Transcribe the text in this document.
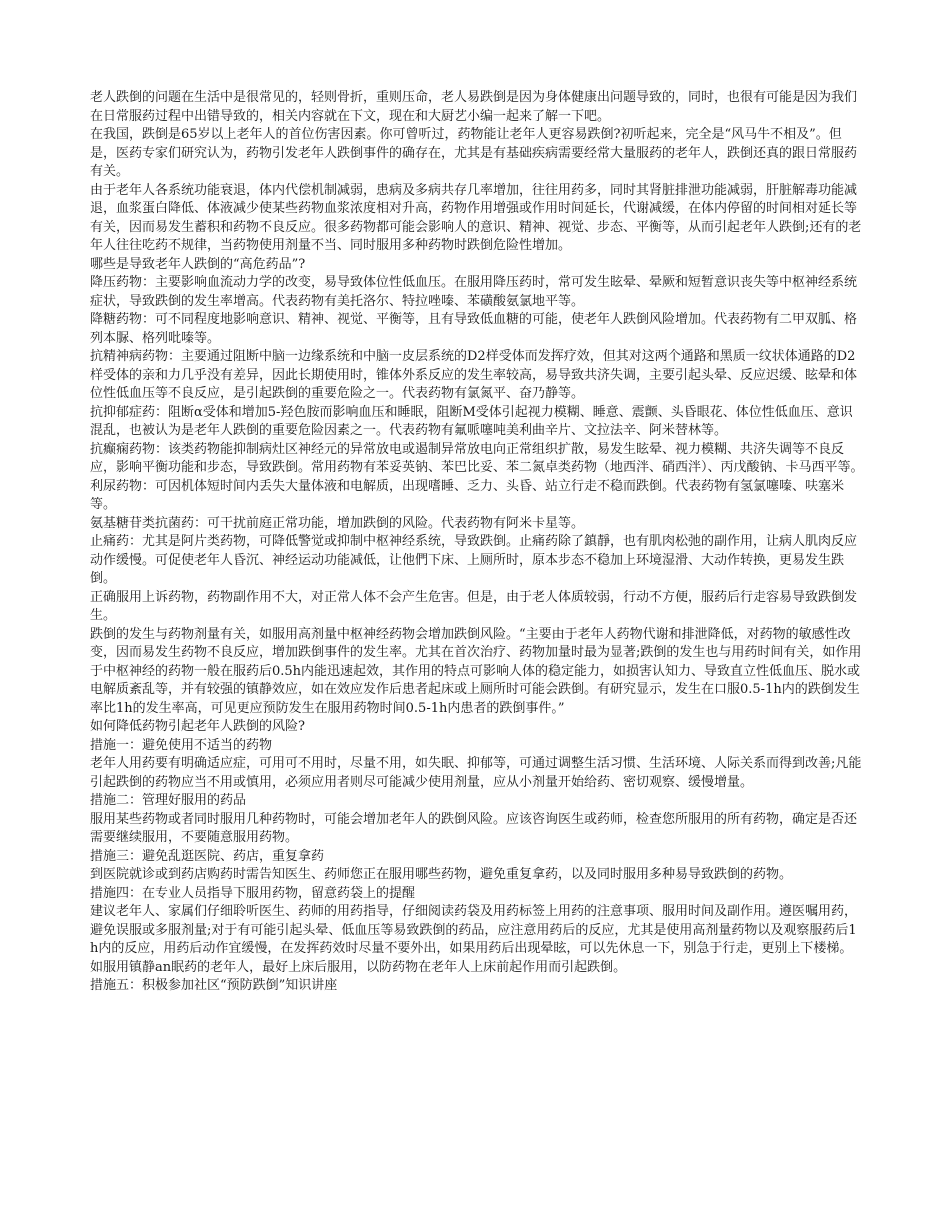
老人跌倒的问题在生活中是很常见的，轻则骨折，重则压命，老人易跌倒是因为身体健康出问题导致的，同时，也很有可能是因为我们在日常服药过程中出错导致的，相关内容就在下文，现在和大厨艺小编一起来了解一下吧。

在我国，跌倒是65岁以上老年人的首位伤害因素。你可曾听过，药物能让老年人更容易跌倒?初听起来，完全是“风马牛不相及”。但是，医药专家们研究认为，药物引发老年人跌倒事件的确存在，尤其是有基础疾病需要经常大量服药的老年人，跌倒还真的跟日常服药有关。

由于老年人各系统功能衰退，体内代偿机制减弱，患病及多病共存几率增加，往往用药多，同时其肾脏排泄功能减弱，肝脏解毒功能减退，血浆蛋白降低、体液减少使某些药物血浆浓度相对升高，药物作用增强或作用时间延长，代谢减缓，在体内停留的时间相对延长等有关，因而易发生蓄积和药物不良反应。很多药物都可能会影响人的意识、精神、视觉、步态、平衡等，从而引起老年人跌倒;还有的老年人往往吃药不规律，当药物使用剂量不当、同时服用多种药物时跌倒危险性增加。

哪些是导致老年人跌倒的“高危药品”?

降压药物：主要影响血流动力学的改变，易导致体位性低血压。在服用降压药时，常可发生眩晕、晕厥和短暂意识丧失等中枢神经系统症状，导致跌倒的发生率增高。代表药物有美托洛尔、特拉唑嗪、苯磺酸氨氯地平等。

降糖药物：可不同程度地影响意识、精神、视觉、平衡等，且有导致低血糖的可能，使老年人跌倒风险增加。代表药物有二甲双胍、格列本脲、格列吡嗪等。

抗精神病药物：主要通过阻断中脑一边缘系统和中脑一皮层系统的D2样受体而发挥疗效，但其对这两个通路和黑质一纹状体通路的D2样受体的亲和力几乎没有差异，因此长期使用时，锥体外系反应的发生率较高，易导致共济失调，主要引起头晕、反应迟缓、眩晕和体位性低血压等不良反应，是引起跌倒的重要危险之一。代表药物有氯氮平、奋乃静等。

抗抑郁症药：阻断α受体和增加5-羟色胺而影响血压和睡眠，阻断M受体引起视力模糊、睡意、震颤、头昏眼花、体位性低血压、意识混乱，也被认为是老年人跌倒的重要危险因素之一。代表药物有氟哌噻吨美利曲辛片、文拉法辛、阿米替林等。

抗癫痫药物：该类药物能抑制病灶区神经元的异常放电或遏制异常放电向正常组织扩散，易发生眩晕、视力模糊、共济失调等不良反应，影响平衡功能和步态，导致跌倒。常用药物有苯妥英钠、苯巴比妥、苯二氮卓类药物（地西泮、硝西泮）、丙戊酸钠、卡马西平等。

利尿药物：可因机体短时间内丢失大量体液和电解质，出现嗜睡、乏力、头昏、站立行走不稳而跌倒。代表药物有氢氯噻嗪、呋塞米等。

氨基糖苷类抗菌药：可干扰前庭正常功能，增加跌倒的风险。代表药物有阿米卡星等。

止痛药：尤其是阿片类药物，可降低警觉或抑制中枢神经系统，导致跌倒。止痛药除了鎮靜，也有肌肉松弛的副作用，让病人肌肉反应动作缓慢。可促使老年人昏沉、神经运动功能减低，让他們下床、上厕所时，原本步态不稳加上环境湿滑、大动作转换，更易发生跌倒。

正确服用上诉药物，药物副作用不大，对正常人体不会产生危害。但是，由于老人体质较弱，行动不方便，服药后行走容易导致跌倒发生。

跌倒的发生与药物剂量有关，如服用高剂量中枢神经药物会增加跌倒风险。“主要由于老年人药物代谢和排泄降低，对药物的敏感性改变，因而易发生药物不良反应，增加跌倒事件的发生率。尤其在首次治疗、药物加量时最为显著;跌倒的发生也与用药时间有关，如作用于中枢神经的药物一般在服药后0.5h内能迅速起效，其作用的特点可影响人体的稳定能力，如损害认知力、导致直立性低血压、脱水或电解质紊乱等，并有较强的镇静效应，如在效应发作后患者起床或上厕所时可能会跌倒。有研究显示，发生在口服0.5-1h内的跌倒发生率比1h的发生率高，可见更应预防发生在服用药物时间0.5-1h内患者的跌倒事件。”

如何降低药物引起老年人跌倒的风险?

措施一：避免使用不适当的药物

老年人用药要有明确适应症，可用可不用时，尽量不用，如失眠、抑郁等，可通过调整生活习惯、生活环境、人际关系而得到改善;凡能引起跌倒的药物应当不用或慎用，必须应用者则尽可能减少使用剂量，应从小剂量开始给药、密切观察、缓慢增量。

措施二：管理好服用的药品

服用某些药物或者同时服用几种药物时，可能会增加老年人的跌倒风险。应该咨询医生或药师，检查您所服用的所有药物，确定是否还需要继续服用，不要随意服用药物。

措施三：避免乱逛医院、药店，重复拿药

到医院就诊或到药店购药时需告知医生、药师您正在服用哪些药物，避免重复拿药，以及同时服用多种易导致跌倒的药物。

措施四：在专业人员指导下服用药物，留意药袋上的提醒

建议老年人、家属们仔细聆听医生、药师的用药指导，仔细阅读药袋及用药标签上用药的注意事项、服用时间及副作用。遵医嘱用药，避免误服或多服剂量;对于有可能引起头晕、低血压等易致跌倒的药品，应注意用药后的反应，尤其是使用高剂量药物以及观察服药后1h内的反应，用药后动作宜缓慢，在发挥药效时尽量不要外出，如果用药后出现晕眩，可以先休息一下，别急于行走，更别上下楼梯。如服用镇静an眠药的老年人，最好上床后服用，以防药物在老年人上床前起作用而引起跌倒。

措施五：积极参加社区“预防跌倒”知识讲座
